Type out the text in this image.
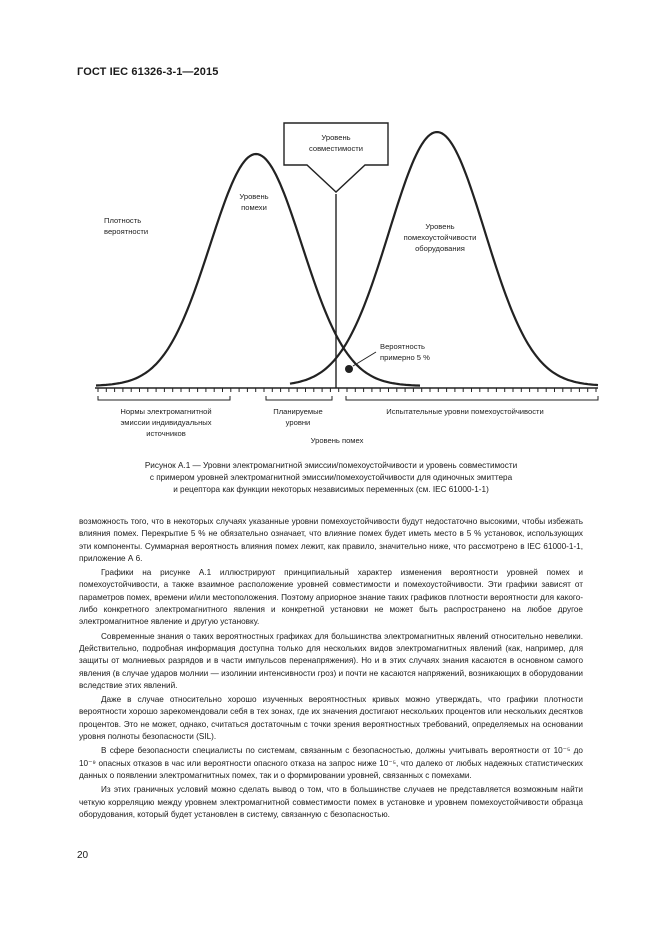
ГОСТ IEC 61326-3-1—2015
Уровень
совместимости
Плотность
вероятности
Уровень
помехи
Уровень
помехоустойчивости
оборудования
Вероятность
примерно 5 %
Нормы электромагнитной
эмиссии индивидуальных
источников
Планируемые
уровни
Испытательные уровни помехоустойчивости
Уровень помех
Рисунок А.1 — Уровни электромагнитной эмиссии/помехоустойчивости и уровень совместимости
с примером уровней электромагнитной эмиссии/помехоустойчивости для одиночных эмиттера
и рецептора как функции некоторых независимых переменных (см. IEC 61000-1-1)

возможность того, что в некоторых случаях указанные уровни помехоустойчивости будут недостаточно высокими, чтобы избежать влияния помех. Перекрытие 5 % не обязательно означает, что влияние помех будет иметь место в 5 % установок, использующих эти компоненты. Суммарная вероятность влияния помех лежит, как правило, значительно ниже, что рассмотрено в IEC 61000-1-1, приложение А 6.

Графики на рисунке А.1 иллюстрируют принципиальный характер изменения вероятности уровней помех и помехоустойчивости, а также взаимное расположение уровней совместимости и помехоустойчивости. Эти графики зависят от параметров помех, времени и/или местоположения. Поэтому априорное знание таких графиков плотности вероятности для какого-либо конкретного электромагнитного явления и конкретной установки не может быть распространено на любое другое электромагнитное явление и другую установку.

Современные знания о таких вероятностных графиках для большинства электромагнитных явлений относительно невелики. Действительно, подробная информация доступна только для нескольких видов электромагнитных явлений (как, например, для защиты от молниевых разрядов и в части импульсов перенапряжения). Но и в этих случаях знания касаются в основном самого явления (в случае ударов молнии — изолинии интенсивности гроз) и почти не касаются напряжений, возникающих в оборудовании вследствие этих явлений.

Даже в случае относительно хорошо изученных вероятностных кривых можно утверждать, что графики плотности вероятности хорошо зарекомендовали себя в тех зонах, где их значения достигают нескольких процентов или нескольких десятков процентов. Это не может, однако, считаться достаточным с точки зрения вероятностных требований, определяемых на основании уровня полноты безопасности (SIL).

В сфере безопасности специалисты по системам, связанным с безопасностью, должны учитывать вероятности от 10⁻⁵ до 10⁻⁹ опасных отказов в час или вероятности опасного отказа на запрос ниже 10⁻⁵, что далеко от любых надежных статистических данных о появлении электромагнитных помех, так и о формировании уровней, связанных с помехами.

Из этих граничных условий можно сделать вывод о том, что в большинстве случаев не представляется возможным найти четкую корреляцию между уровнем электромагнитной совместимости помех в установке и уровнем помехоустойчивости образца оборудования, который будет установлен в систему, связанную с безопасностью.

20
